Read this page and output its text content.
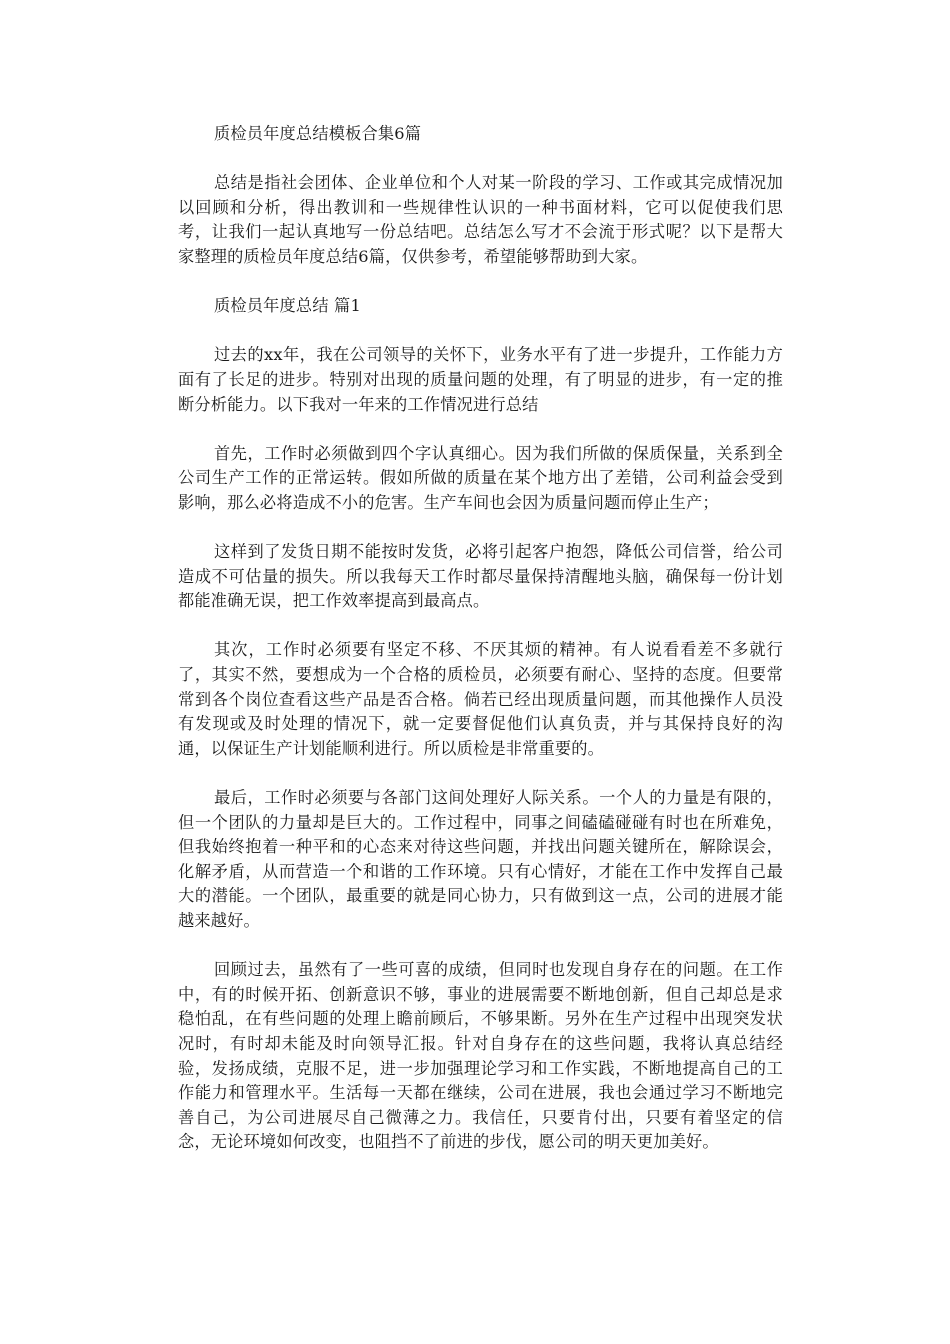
质检员年度总结模板合集6篇

总结是指社会团体、企业单位和个人对某一阶段的学习、工作或其完成情况加以回顾和分析，得出教训和一些规律性认识的一种书面材料，它可以促使我们思考，让我们一起认真地写一份总结吧。总结怎么写才不会流于形式呢？以下是帮大家整理的质检员年度总结6篇，仅供参考，希望能够帮助到大家。

质检员年度总结 篇1

过去的xx年，我在公司领导的关怀下，业务水平有了进一步提升，工作能力方面有了长足的进步。特别对出现的质量问题的处理，有了明显的进步，有一定的推断分析能力。以下我对一年来的工作情况进行总结

首先，工作时必须做到四个字认真细心。因为我们所做的保质保量，关系到全公司生产工作的正常运转。假如所做的质量在某个地方出了差错，公司利益会受到影响，那么必将造成不小的危害。生产车间也会因为质量问题而停止生产；

这样到了发货日期不能按时发货，必将引起客户抱怨，降低公司信誉，给公司造成不可估量的损失。所以我每天工作时都尽量保持清醒地头脑，确保每一份计划都能准确无误，把工作效率提高到最高点。

其次，工作时必须要有坚定不移、不厌其烦的精神。有人说看看差不多就行了，其实不然，要想成为一个合格的质检员，必须要有耐心、坚持的态度。但要常常到各个岗位查看这些产品是否合格。倘若已经出现质量问题，而其他操作人员没有发现或及时处理的情况下，就一定要督促他们认真负责，并与其保持良好的沟通，以保证生产计划能顺利进行。所以质检是非常重要的。

最后，工作时必须要与各部门这间处理好人际关系。一个人的力量是有限的，但一个团队的力量却是巨大的。工作过程中，同事之间磕磕碰碰有时也在所难免，但我始终抱着一种平和的心态来对待这些问题，并找出问题关键所在，解除误会，化解矛盾，从而营造一个和谐的工作环境。只有心情好，才能在工作中发挥自己最大的潜能。一个团队，最重要的就是同心协力，只有做到这一点，公司的进展才能越来越好。

回顾过去，虽然有了一些可喜的成绩，但同时也发现自身存在的问题。在工作中，有的时候开拓、创新意识不够，事业的进展需要不断地创新，但自己却总是求稳怕乱，在有些问题的处理上瞻前顾后，不够果断。另外在生产过程中出现突发状况时，有时却未能及时向领导汇报。针对自身存在的这些问题，我将认真总结经验，发扬成绩，克服不足，进一步加强理论学习和工作实践，不断地提高自己的工作能力和管理水平。生活每一天都在继续，公司在进展，我也会通过学习不断地完善自己，为公司进展尽自己微薄之力。我信任，只要肯付出，只要有着坚定的信念，无论环境如何改变，也阻挡不了前进的步伐，愿公司的明天更加美好。
